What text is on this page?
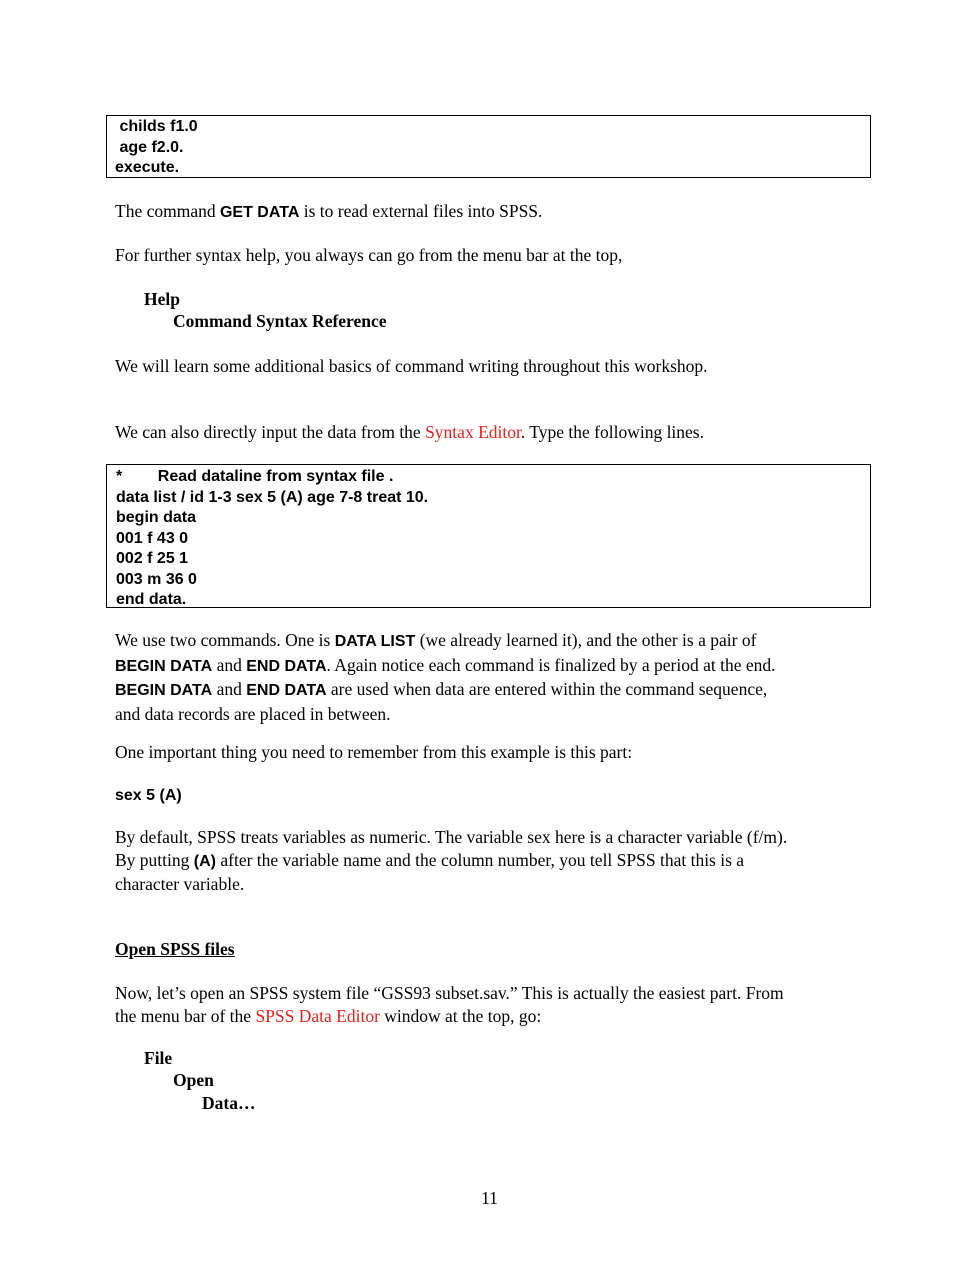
childs f1.0
age f2.0.
execute.
The command GET DATA is to read external files into SPSS.
For further syntax help, you always can go from the menu bar at the top,
Help
Command Syntax Reference
We will learn some additional basics of command writing throughout this workshop.
We can also directly input the data from the Syntax Editor. Type the following lines.
*        Read dataline from syntax file .
data list / id 1-3 sex 5 (A) age 7-8 treat 10.
begin data
001 f 43 0
002 f 25 1
003 m 36 0
end data.
We use two commands. One is DATA LIST (we already learned it), and the other is a pair of
BEGIN DATA and END DATA. Again notice each command is finalized by a period at the end.
BEGIN DATA and END DATA are used when data are entered within the command sequence,
and data records are placed in between.
One important thing you need to remember from this example is this part:
sex 5 (A)
By default, SPSS treats variables as numeric. The variable sex here is a character variable (f/m).
By putting (A) after the variable name and the column number, you tell SPSS that this is a
character variable.
Open SPSS files
Now, let’s open an SPSS system file “GSS93 subset.sav.” This is actually the easiest part. From
the menu bar of the SPSS Data Editor window at the top, go:
File
Open
Data…
11
